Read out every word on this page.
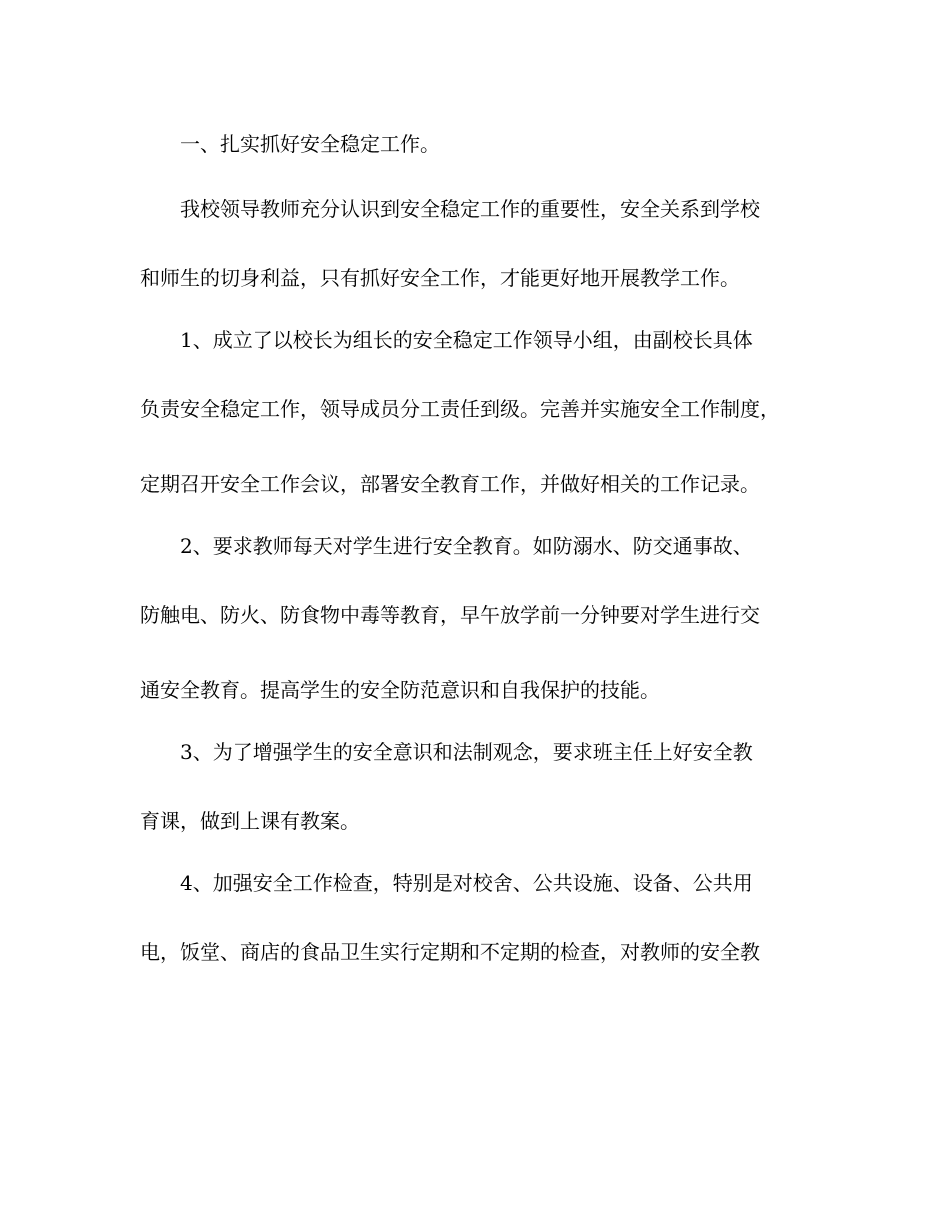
一、扎实抓好安全稳定工作。
我校领导教师充分认识到安全稳定工作的重要性，安全关系到学校
和师生的切身利益，只有抓好安全工作，才能更好地开展教学工作。
1、成立了以校长为组长的安全稳定工作领导小组，由副校长具体
负责安全稳定工作，领导成员分工责任到级。完善并实施安全工作制度，
定期召开安全工作会议，部署安全教育工作，并做好相关的工作记录。
2、要求教师每天对学生进行安全教育。如防溺水、防交通事故、
防触电、防火、防食物中毒等教育，早午放学前一分钟要对学生进行交
通安全教育。提高学生的安全防范意识和自我保护的技能。
3、为了增强学生的安全意识和法制观念，要求班主任上好安全教
育课，做到上课有教案。
4、加强安全工作检查，特别是对校舍、公共设施、设备、公共用
电，饭堂、商店的食品卫生实行定期和不定期的检查，对教师的安全教
